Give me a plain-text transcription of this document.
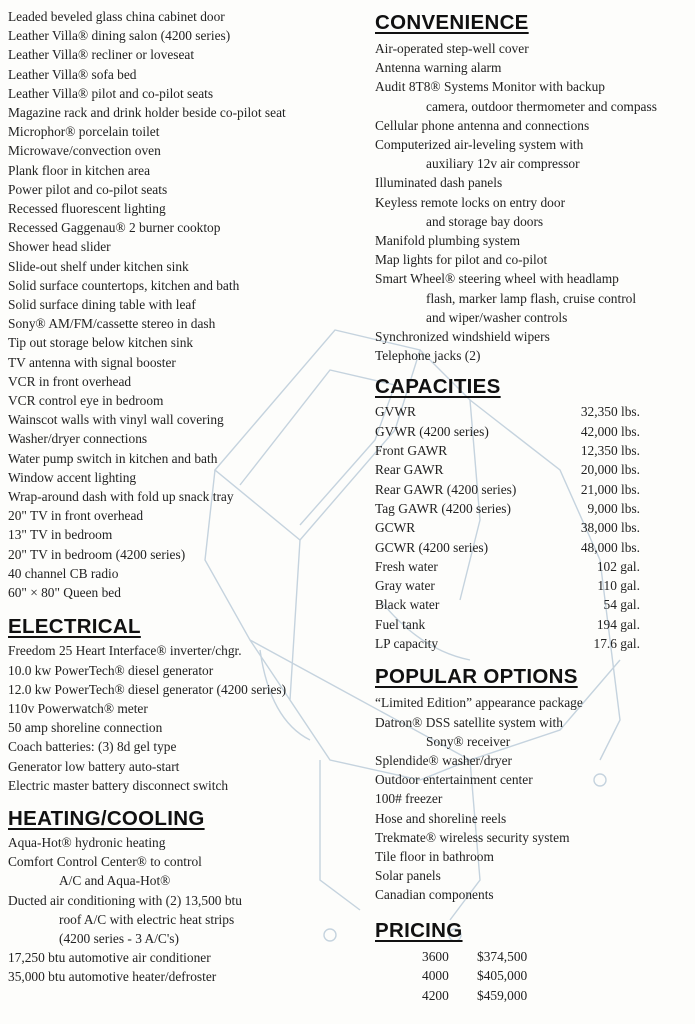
Leaded beveled glass china cabinet door
Leather Villa® dining salon (4200 series)
Leather Villa® recliner or loveseat
Leather Villa® sofa bed
Leather Villa® pilot and co-pilot seats
Magazine rack and drink holder beside co-pilot seat
Microphor® porcelain toilet
Microwave/convection oven
Plank floor in kitchen area
Power pilot and co-pilot seats
Recessed fluorescent lighting
Recessed Gaggenau® 2 burner cooktop
Shower head slider
Slide-out shelf under kitchen sink
Solid surface countertops, kitchen and bath
Solid surface dining table with leaf
Sony® AM/FM/cassette stereo in dash
Tip out storage below kitchen sink
TV antenna with signal booster
VCR in front overhead
VCR control eye in bedroom
Wainscot walls with vinyl wall covering
Washer/dryer connections
Water pump switch in kitchen and bath
Window accent lighting
Wrap-around dash with fold up snack tray
20" TV in front overhead
13" TV in bedroom
20" TV in bedroom (4200 series)
40 channel CB radio
60" × 80" Queen bed
ELECTRICAL
Freedom 25 Heart Interface® inverter/chgr.
10.0 kw PowerTech® diesel generator
12.0 kw PowerTech® diesel generator (4200 series)
110v Powerwatch® meter
50 amp shoreline connection
Coach batteries: (3) 8d gel type
Generator low battery auto-start
Electric master battery disconnect switch
HEATING/COOLING
Aqua-Hot® hydronic heating
Comfort Control Center® to control
A/C and Aqua-Hot®
Ducted air conditioning with (2) 13,500 btu
roof A/C with electric heat strips
(4200 series - 3 A/C's)
17,250 btu automotive air conditioner
35,000 btu automotive heater/defroster
CONVENIENCE
Air-operated step-well cover
Antenna warning alarm
Audit 8T8® Systems Monitor with backup
camera, outdoor thermometer and compass
Cellular phone antenna and connections
Computerized air-leveling system with
auxiliary 12v air compressor
Illuminated dash panels
Keyless remote locks on entry door
and storage bay doors
Manifold plumbing system
Map lights for pilot and co-pilot
Smart Wheel® steering wheel with headlamp
flash, marker lamp flash, cruise control
and wiper/washer controls
Synchronized windshield wipers
Telephone jacks (2)
CAPACITIES
GVWR	32,350 lbs.
GVWR (4200 series)	42,000 lbs.
Front GAWR	12,350 lbs.
Rear GAWR	20,000 lbs.
Rear GAWR (4200 series)	21,000 lbs.
Tag GAWR (4200 series)	9,000 lbs.
GCWR	38,000 lbs.
GCWR (4200 series)	48,000 lbs.
Fresh water	102 gal.
Gray water	110 gal.
Black water	54 gal.
Fuel tank	194 gal.
LP capacity	17.6 gal.
POPULAR OPTIONS
“Limited Edition” appearance package
Datron® DSS satellite system with
Sony® receiver
Splendide® washer/dryer
Outdoor entertainment center
100# freezer
Hose and shoreline reels
Trekmate® wireless security system
Tile floor in bathroom
Solar panels
Canadian components
PRICING
3600	$374,500
4000	$405,000
4200	$459,000
